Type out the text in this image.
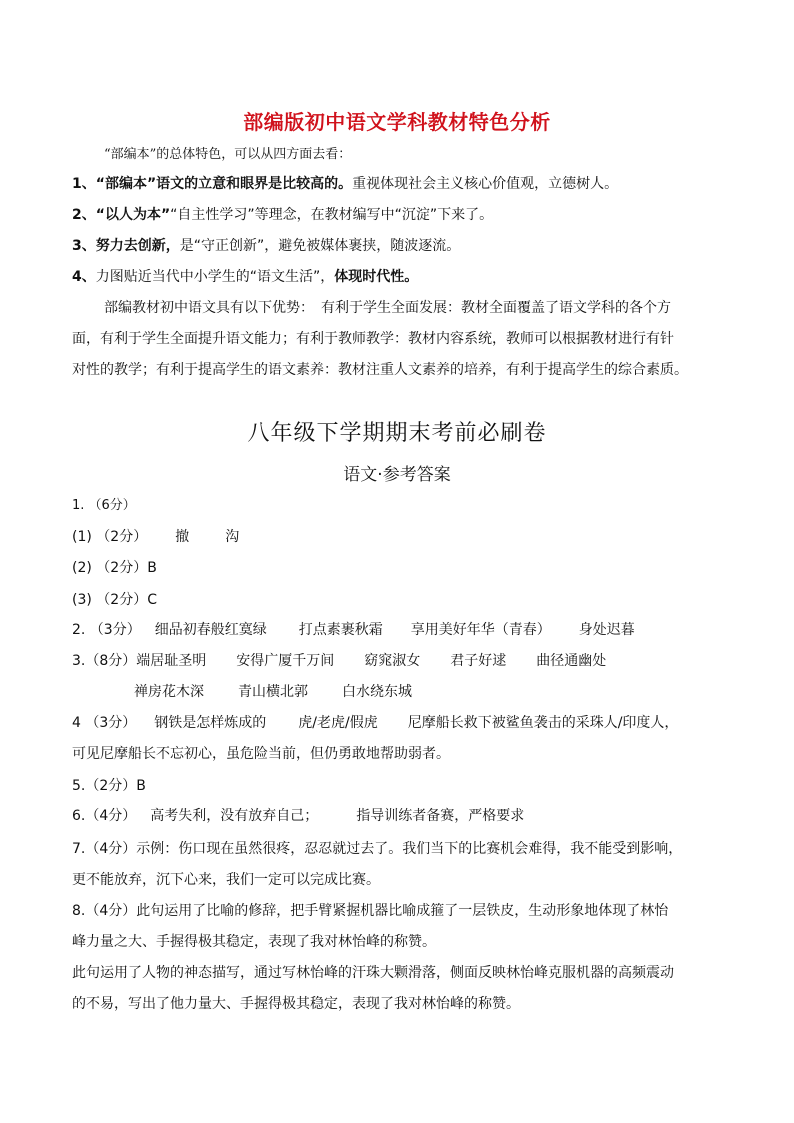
部编版初中语文学科教材特色分析
“部编本”的总体特色，可以从四方面去看：
1、“部编本”语文的立意和眼界是比较高的。重视体现社会主义核心价值观，立德树人。
2、“以人为本”“自主性学习”等理念，在教材编写中“沉淀”下来了。
3、努力去创新，是“守正创新”，避免被媒体裹挟，随波逐流。
4、力图贴近当代中小学生的“语文生活”，体现时代性。
部编教材初中语文具有以下优势：　有利于学生全面发展：教材全面覆盖了语文学科的各个方
面，有利于学生全面提升语文能力；有利于教师教学：教材内容系统，教师可以根据教材进行有针
对性的教学；有利于提高学生的语文素养：教材注重人文素养的培养，有利于提高学生的综合素质。
八年级下学期期末考前必刷卷
语文·参考答案
1. （6分）
(1) （2分） 撤	沟
(2) （2分）B
(3) （2分）C
2. （3分） 细品初春般红寞绿 打点素裹秋霜 享用美好年华（青春） 身处迟暮
3.（8分）端居耻圣明 安得广厦千万间 窈窕淑女 君子好逑 曲径通幽处
禅房花木深 青山横北郭 白水绕东城
4 （3分） 钢铁是怎样炼成的 虎/老虎/假虎 尼摩船长救下被鲨鱼袭击的采珠人/印度人，
可见尼摩船长不忘初心，虽危险当前，但仍勇敢地帮助弱者。
5.（2分）B
6.（4分） 高考失利，没有放弃自己；	指导训练者备赛，严格要求
7.（4分）示例：伤口现在虽然很疼，忍忍就过去了。我们当下的比赛机会难得，我不能受到影响，
更不能放弃，沉下心来，我们一定可以完成比赛。
8.（4分）此句运用了比喻的修辞，把手臂紧握机器比喻成箍了一层铁皮，生动形象地体现了林怡
峰力量之大、手握得极其稳定，表现了我对林怡峰的称赞。
此句运用了人物的神态描写，通过写林怡峰的汗珠大颗滑落，侧面反映林怡峰克服机器的高频震动
的不易，写出了他力量大、手握得极其稳定，表现了我对林怡峰的称赞。
